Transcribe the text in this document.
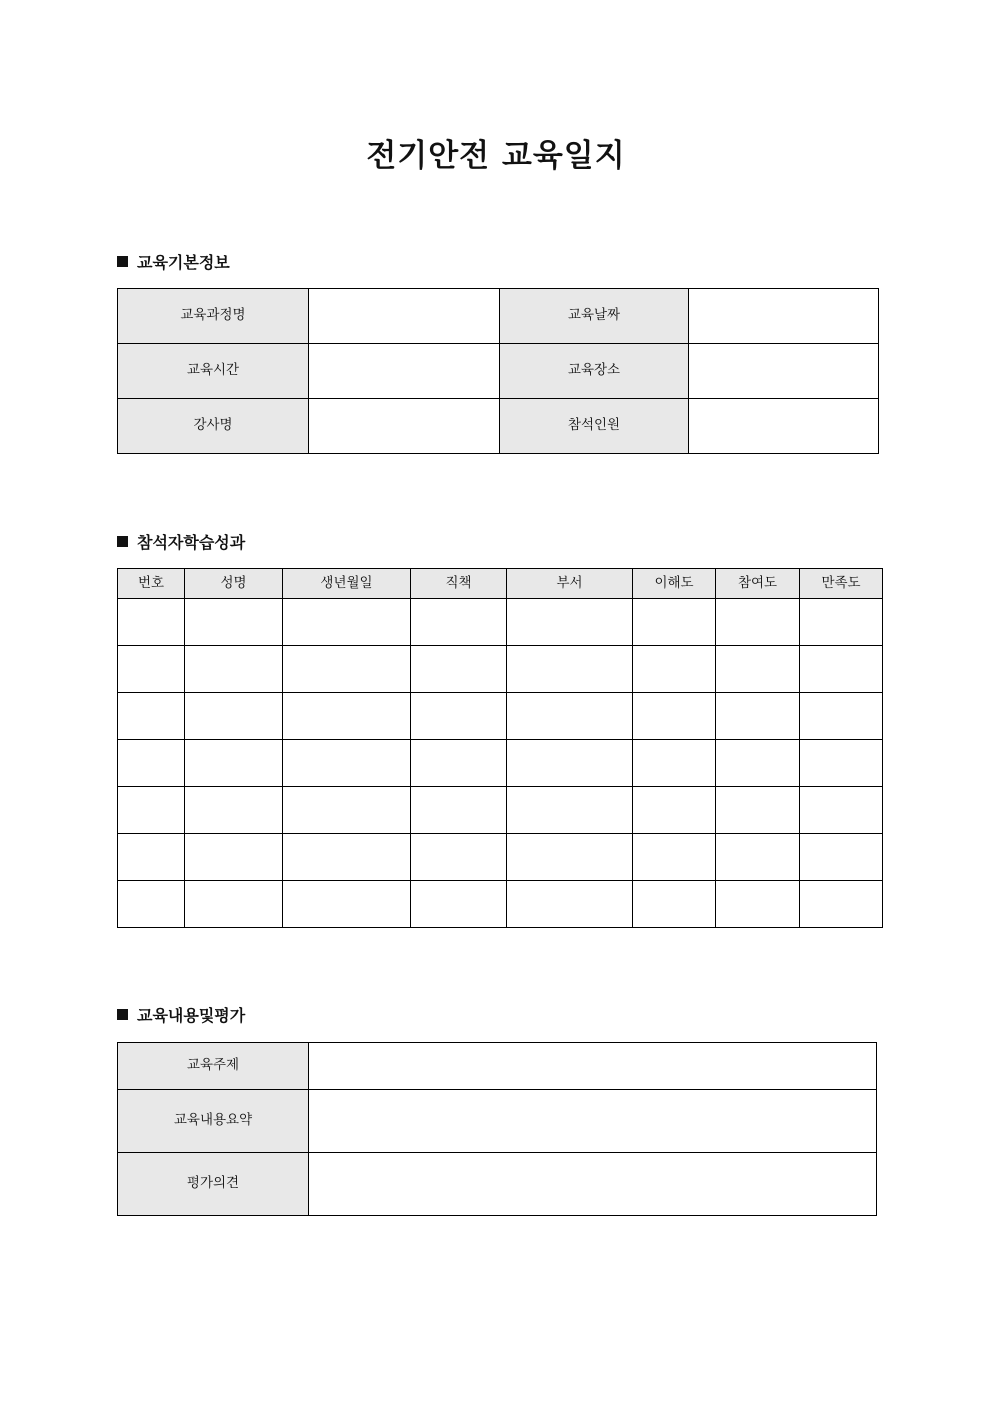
전기안전 교육일지
교육기본정보
교육과정명		교육날짜	
교육시간		교육장소	
강사명		참석인원	
참석자학습성과
번호	성명	생년월일	직책	부서	이해도	참여도	만족도

교육내용및평가
교육주제	
교육내용요약	
평가의견	
